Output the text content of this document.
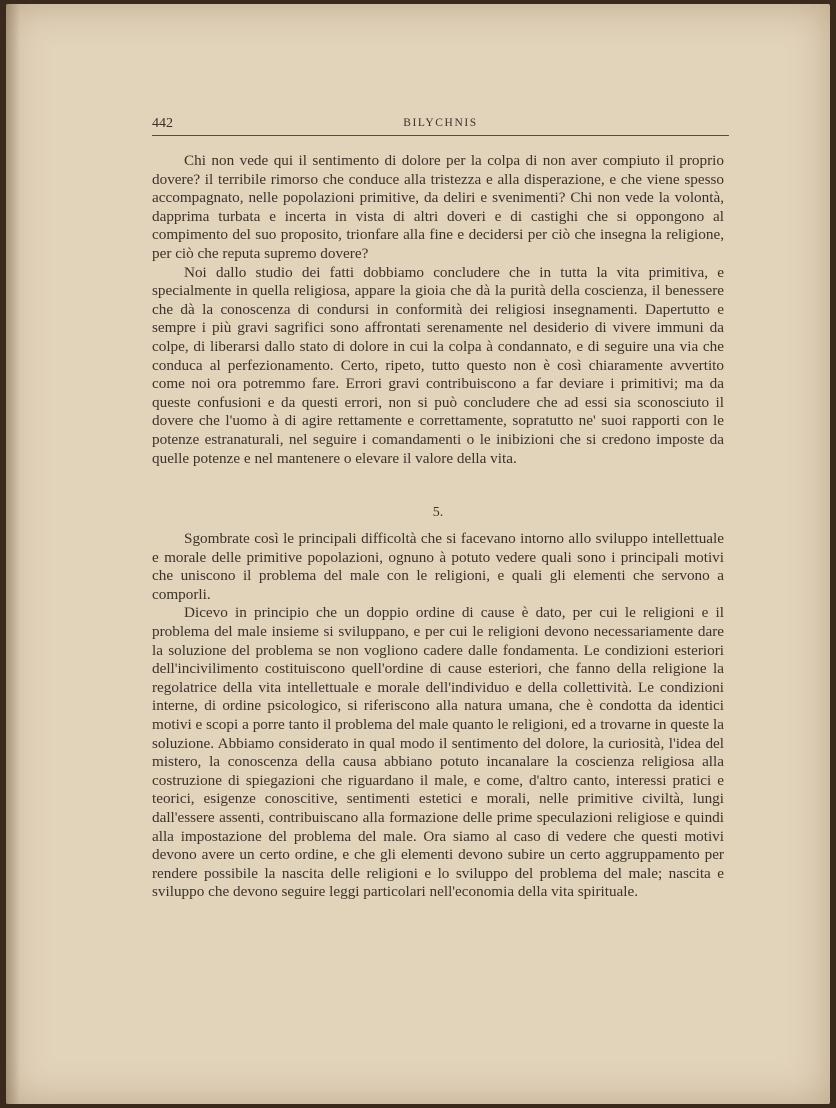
442	BILYCHNIS

Chi non vede qui il sentimento di dolore per la colpa di non aver compiuto il proprio dovere? il terribile rimorso che conduce alla tristezza e alla disperazione, e che viene spesso accompagnato, nelle popolazioni primitive, da deliri e svenimenti? Chi non vede la volontà, dapprima turbata e incerta in vista di altri doveri e di castighi che si oppongono al compimento del suo proposito, trionfare alla fine e decidersi per ciò che insegna la religione, per ciò che reputa supremo dovere?

Noi dallo studio dei fatti dobbiamo concludere che in tutta la vita primitiva, e specialmente in quella religiosa, appare la gioia che dà la purità della coscienza, il benessere che dà la conoscenza di condursi in conformità dei religiosi insegnamenti. Dapertutto e sempre i più gravi sagrifici sono affrontati serenamente nel desiderio di vivere immuni da colpe, di liberarsi dallo stato di dolore in cui la colpa à condannato, e di seguire una via che conduca al perfezionamento. Certo, ripeto, tutto questo non è così chiaramente avvertito come noi ora potremmo fare. Errori gravi contribuiscono a far deviare i primitivi; ma da queste confusioni e da questi errori, non si può concludere che ad essi sia sconosciuto il dovere che l'uomo à di agire rettamente e correttamente, sopratutto ne' suoi rapporti con le potenze estranaturali, nel seguire i comandamenti o le inibizioni che si credono imposte da quelle potenze e nel mantenere o elevare il valore della vita.

5.

Sgombrate così le principali difficoltà che si facevano intorno allo sviluppo intellettuale e morale delle primitive popolazioni, ognuno à potuto vedere quali sono i principali motivi che uniscono il problema del male con le religioni, e quali gli elementi che servono a comporli.

Dicevo in principio che un doppio ordine di cause è dato, per cui le religioni e il problema del male insieme si sviluppano, e per cui le religioni devono necessariamente dare la soluzione del problema se non vogliono cadere dalle fondamenta. Le condizioni esteriori dell'incivilimento costituiscono quell'ordine di cause esteriori, che fanno della religione la regolatrice della vita intellettuale e morale dell'individuo e della collettività. Le condizioni interne, di ordine psicologico, si riferiscono alla natura umana, che è condotta da identici motivi e scopi a porre tanto il problema del male quanto le religioni, ed a trovarne in queste la soluzione. Abbiamo considerato in qual modo il sentimento del dolore, la curiosità, l'idea del mistero, la conoscenza della causa abbiano potuto incanalare la coscienza religiosa alla costruzione di spiegazioni che riguardano il male, e come, d'altro canto, interessi pratici e teorici, esigenze conoscitive, sentimenti estetici e morali, nelle primitive civiltà, lungi dall'essere assenti, contribuiscano alla formazione delle prime speculazioni religiose e quindi alla impostazione del problema del male. Ora siamo al caso di vedere che questi motivi devono avere un certo ordine, e che gli elementi devono subire un certo aggruppamento per rendere possibile la nascita delle religioni e lo sviluppo del problema del male; nascita e sviluppo che devono seguire leggi particolari nell'economia della vita spirituale.
